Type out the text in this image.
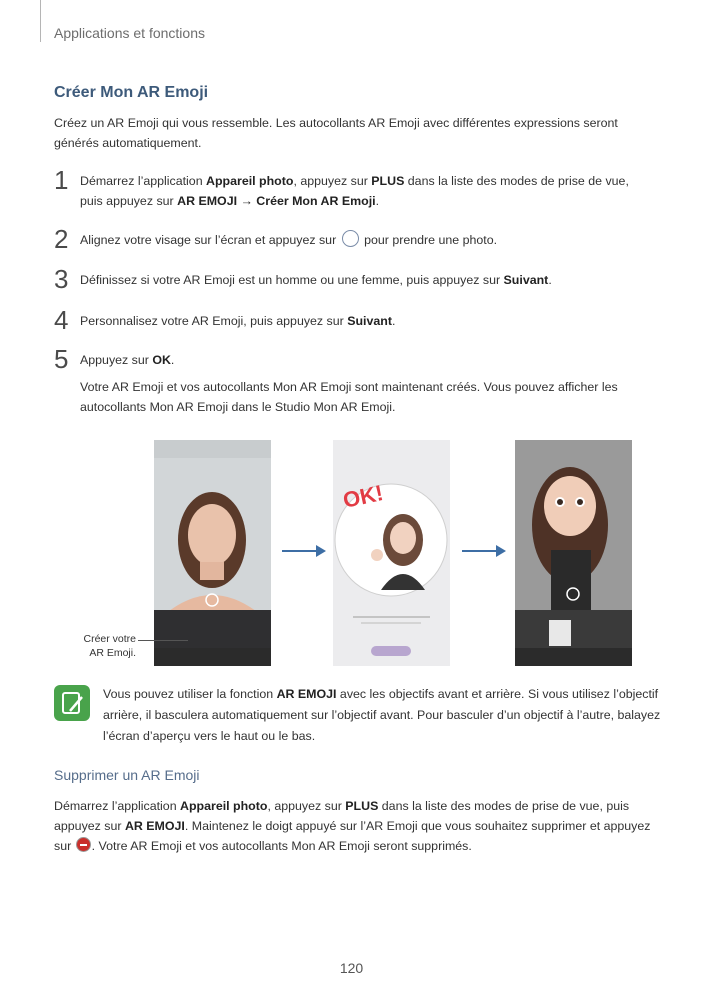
Applications et fonctions
Créer Mon AR Emoji
Créez un AR Emoji qui vous ressemble. Les autocollants AR Emoji avec différentes expressions seront générés automatiquement.
1 Démarrez l’application Appareil photo, appuyez sur PLUS dans la liste des modes de prise de vue, puis appuyez sur AR EMOJI → Créer Mon AR Emoji.
2 Alignez votre visage sur l’écran et appuyez sur  pour prendre une photo.
3 Définissez si votre AR Emoji est un homme ou une femme, puis appuyez sur Suivant.
4 Personnalisez votre AR Emoji, puis appuyez sur Suivant.
5 Appuyez sur OK.
Votre AR Emoji et vos autocollants Mon AR Emoji sont maintenant créés. Vous pouvez afficher les autocollants Mon AR Emoji dans le Studio Mon AR Emoji.
Créer votre
AR Emoji.
OK!
Vous pouvez utiliser la fonction AR EMOJI avec les objectifs avant et arrière. Si vous utilisez l’objectif arrière, il basculera automatiquement sur l’objectif avant. Pour basculer d’un objectif à l’autre, balayez l’écran d’aperçu vers le haut ou le bas.
Supprimer un AR Emoji
Démarrez l’application Appareil photo, appuyez sur PLUS dans la liste des modes de prise de vue, puis appuyez sur AR EMOJI. Maintenez le doigt appuyé sur l’AR Emoji que vous souhaitez supprimer et appuyez sur . Votre AR Emoji et vos autocollants Mon AR Emoji seront supprimés.
120
